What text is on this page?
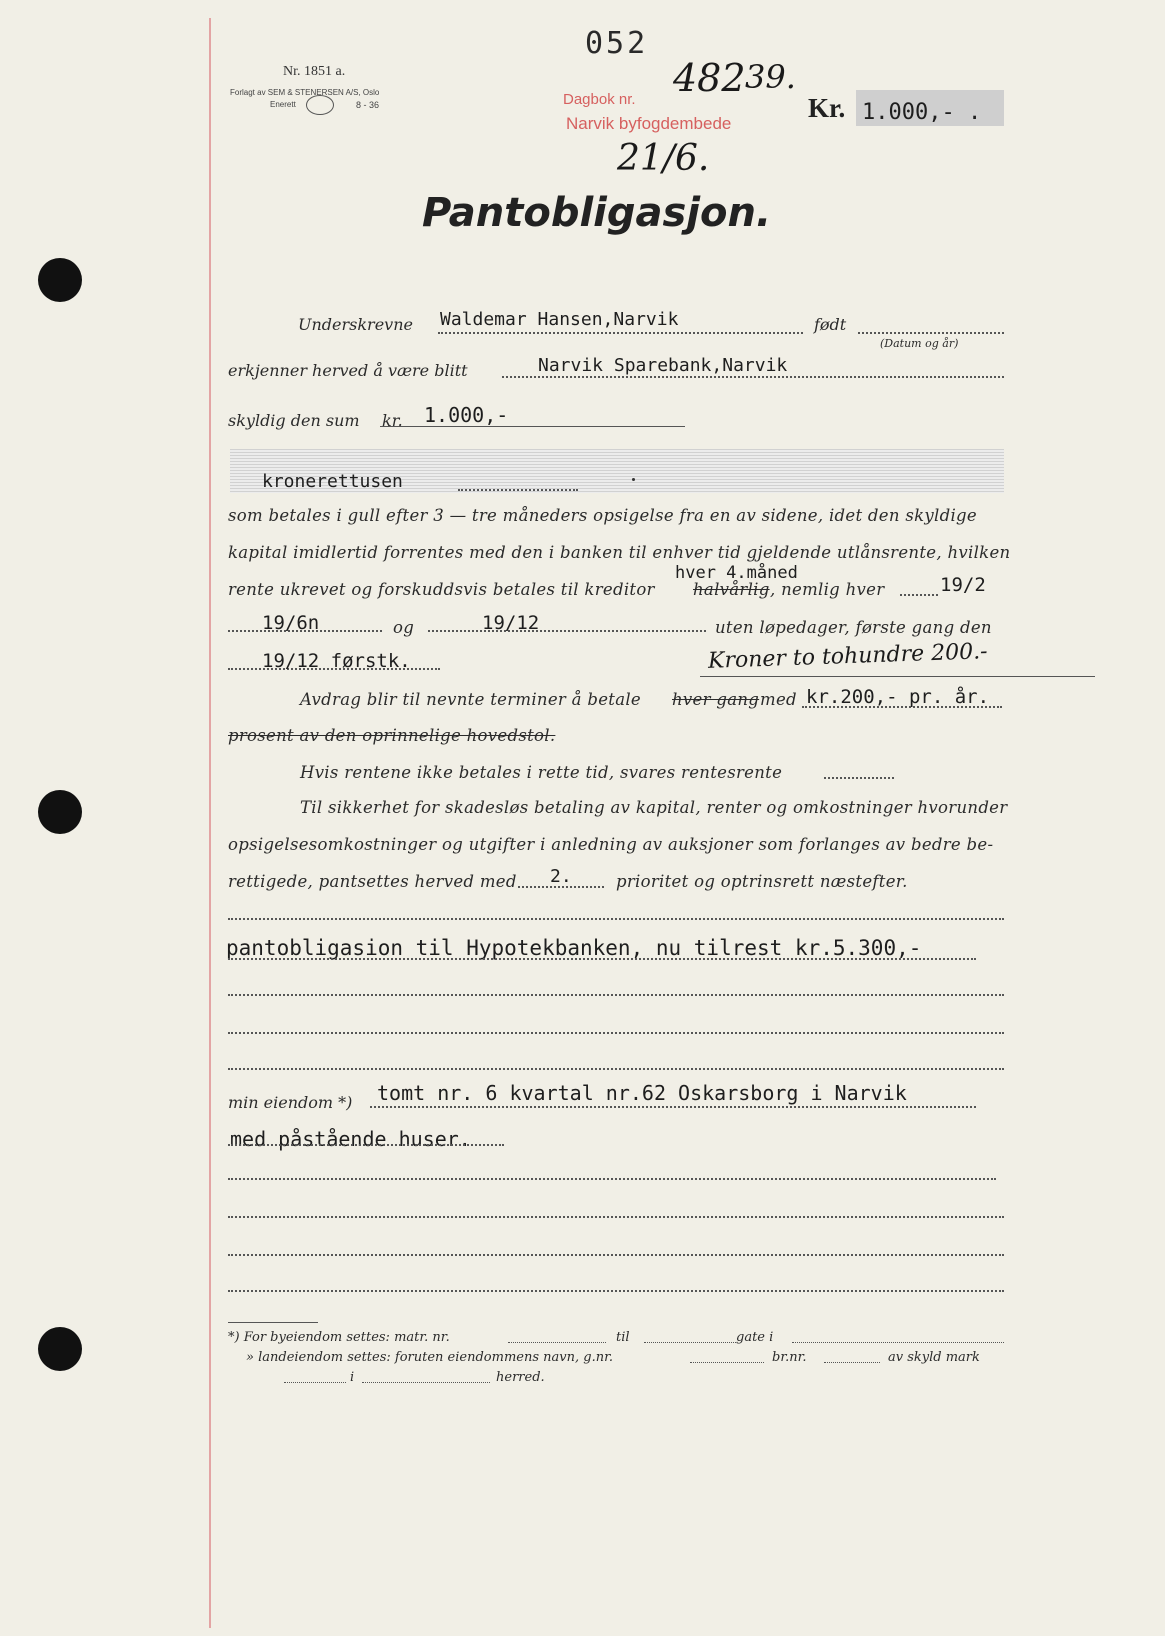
052
Nr. 1851 a.
Forlagt av SEM & STENERSEN A/S, Oslo
Enerett	8 - 36	Dagbok nr.
Narvik byfogdembede
482 39.
21/6.
Kr. 1.000,- .
Pantobligasjon.
Underskrevne Waldemar Hansen,Narvik	født
(Datum og år)
erkjenner herved å være blitt	Narvik Sparebank,Narvik
skyldig den sum kr. 1.000,-
kronerettusen
som betales i gull efter 3 — tre måneders opsigelse fra en av sidene, idet den skyldige
kapital imidlertid forrentes med den i banken til enhver tid gjeldende utlånsrente, hvilken
rente ukrevet og forskuddsvis betales til kreditor
hver 4.måned
halvårlig , nemlig hver	19/2
19/6n	og	19/12	uten løpedager, første gang den
19/12 førstk.	Kroner to tohundre 200.-
Avdrag blir til nevnte terminer å betale hver gang med kr.200,- pr. år.
prosent av den oprinnelige hovedstol.
Hvis rentene ikke betales i rette tid, svares rentesrente
Til sikkerhet for skadesløs betaling av kapital, renter og omkostninger hvorunder
opsigelsesomkostninger og utgifter i anledning av auksjoner som forlanges av bedre be-
rettigede, pantsettes herved med 2.	prioritet og optrinsrett næstefter.
pantobligasion til Hypotekbanken, nu tilrest kr.5.300,-
min eiendom *) tomt nr. 6 kvartal nr.62 Oskarsborg i Narvik
med påstående huser.
*) For byeiendom settes: matr. nr.	til	gate i
» landeiendom settes: foruten eiendommens navn, g.nr.	br.nr.	av skyld mark
i	herred.
